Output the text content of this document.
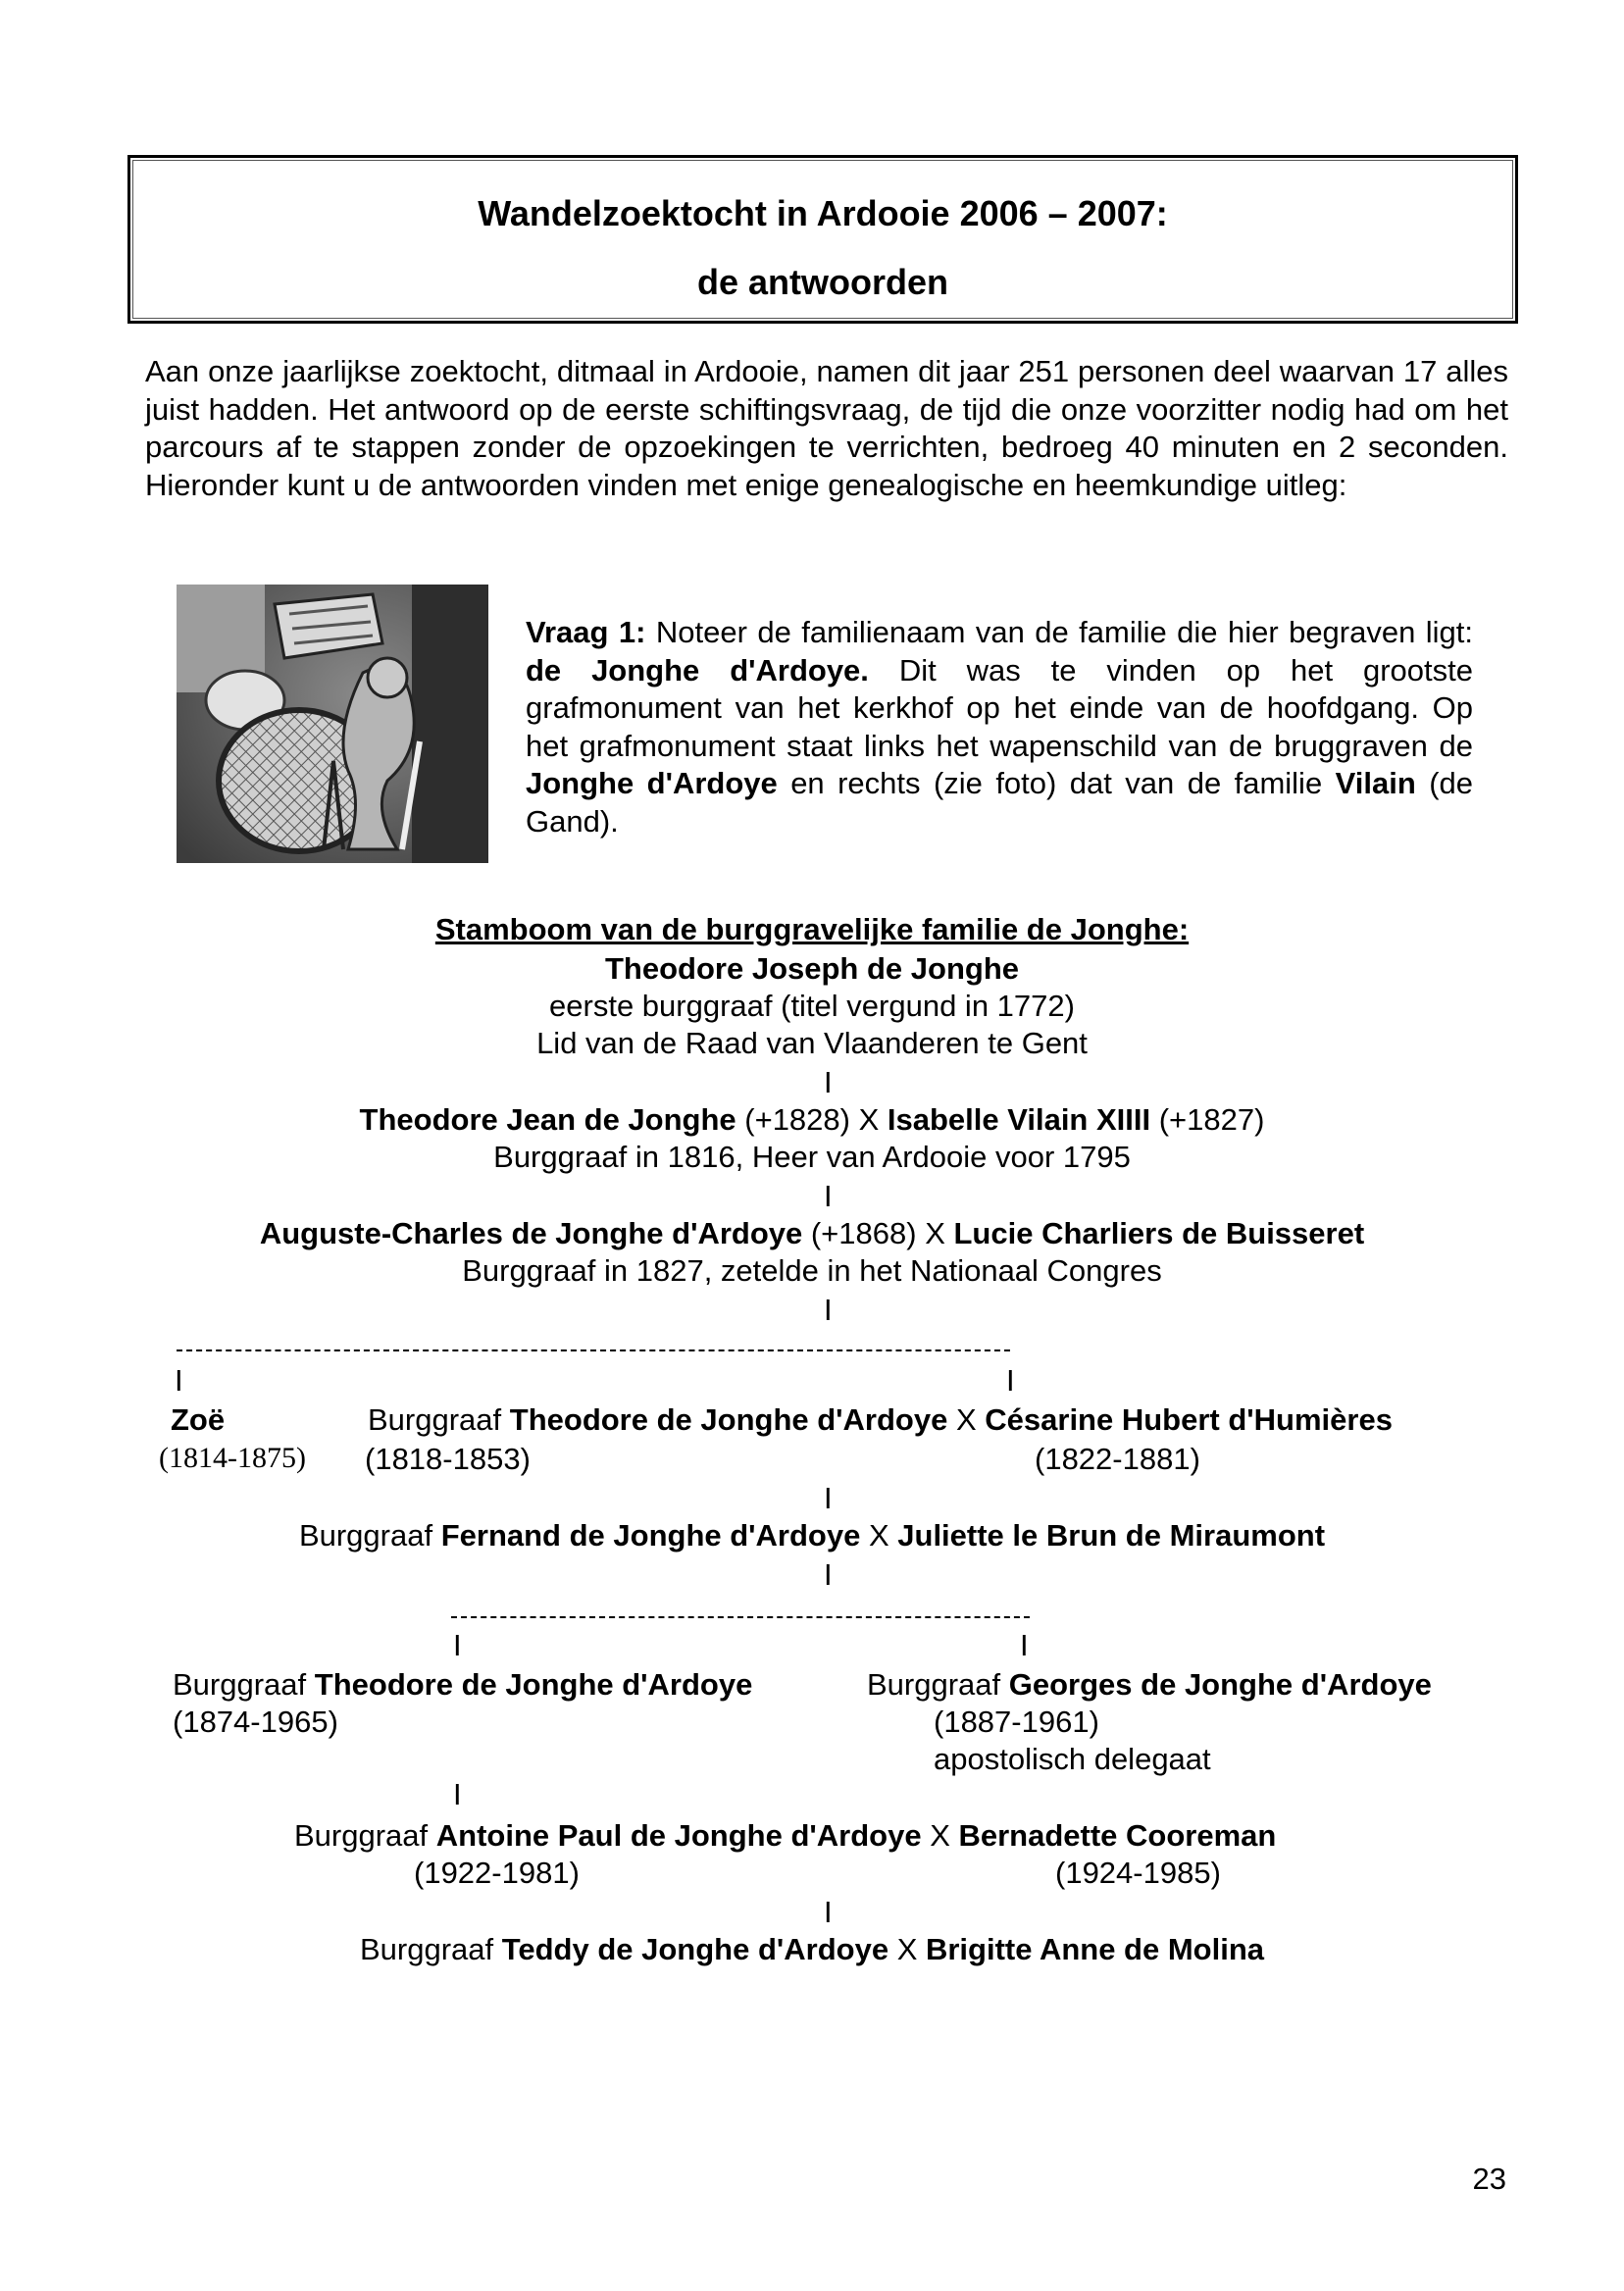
Wandelzoektocht in Ardooie 2006 – 2007:
de antwoorden
Aan onze jaarlijkse zoektocht, ditmaal in Ardooie, namen dit jaar 251 personen deel waarvan 17 alles juist hadden. Het antwoord op de eerste schiftingsvraag, de tijd die onze voorzitter nodig had om het parcours af te stappen zonder de opzoekingen te verrichten, bedroeg 40 minuten en 2 seconden. Hieronder kunt u de antwoorden vinden met enige genealogische en heemkundige uitleg:
Vraag 1: Noteer de familienaam van de familie die hier begraven ligt: de Jonghe d'Ardoye. Dit was te vinden op het grootste grafmonument van het kerkhof op het einde van de hoofdgang. Op het grafmonument staat links het wapenschild van de bruggraven de Jonghe d'Ardoye en rechts (zie foto) dat van de familie Vilain (de Gand).
Stamboom van de burggravelijke familie de Jonghe:
Theodore Joseph de Jonghe
eerste burggraaf (titel vergund in 1772)
Lid van de Raad van Vlaanderen te Gent
I
Theodore Jean de Jonghe (+1828) X Isabelle Vilain XIIII (+1827)
Burggraaf in 1816, Heer van Ardooie voor 1795
I
Auguste-Charles de Jonghe d'Ardoye (+1868) X Lucie Charliers de Buisseret
Burggraaf in 1827, zetelde in het Nationaal Congres
I
I	I
Zoë
(1814-1875)
Burggraaf Theodore de Jonghe d'Ardoye X Césarine Hubert d'Humières
(1818-1853)	(1822-1881)
I
Burggraaf Fernand de Jonghe d'Ardoye X Juliette le Brun de Miraumont
I
I	I
Burggraaf Theodore de Jonghe d'Ardoye
(1874-1965)
Burggraaf Georges de Jonghe d'Ardoye
(1887-1961)
apostolisch delegaat
I
Burggraaf Antoine Paul de Jonghe d'Ardoye X Bernadette Cooreman
(1922-1981)	(1924-1985)
I
Burggraaf Teddy de Jonghe d'Ardoye X Brigitte Anne de Molina
23
